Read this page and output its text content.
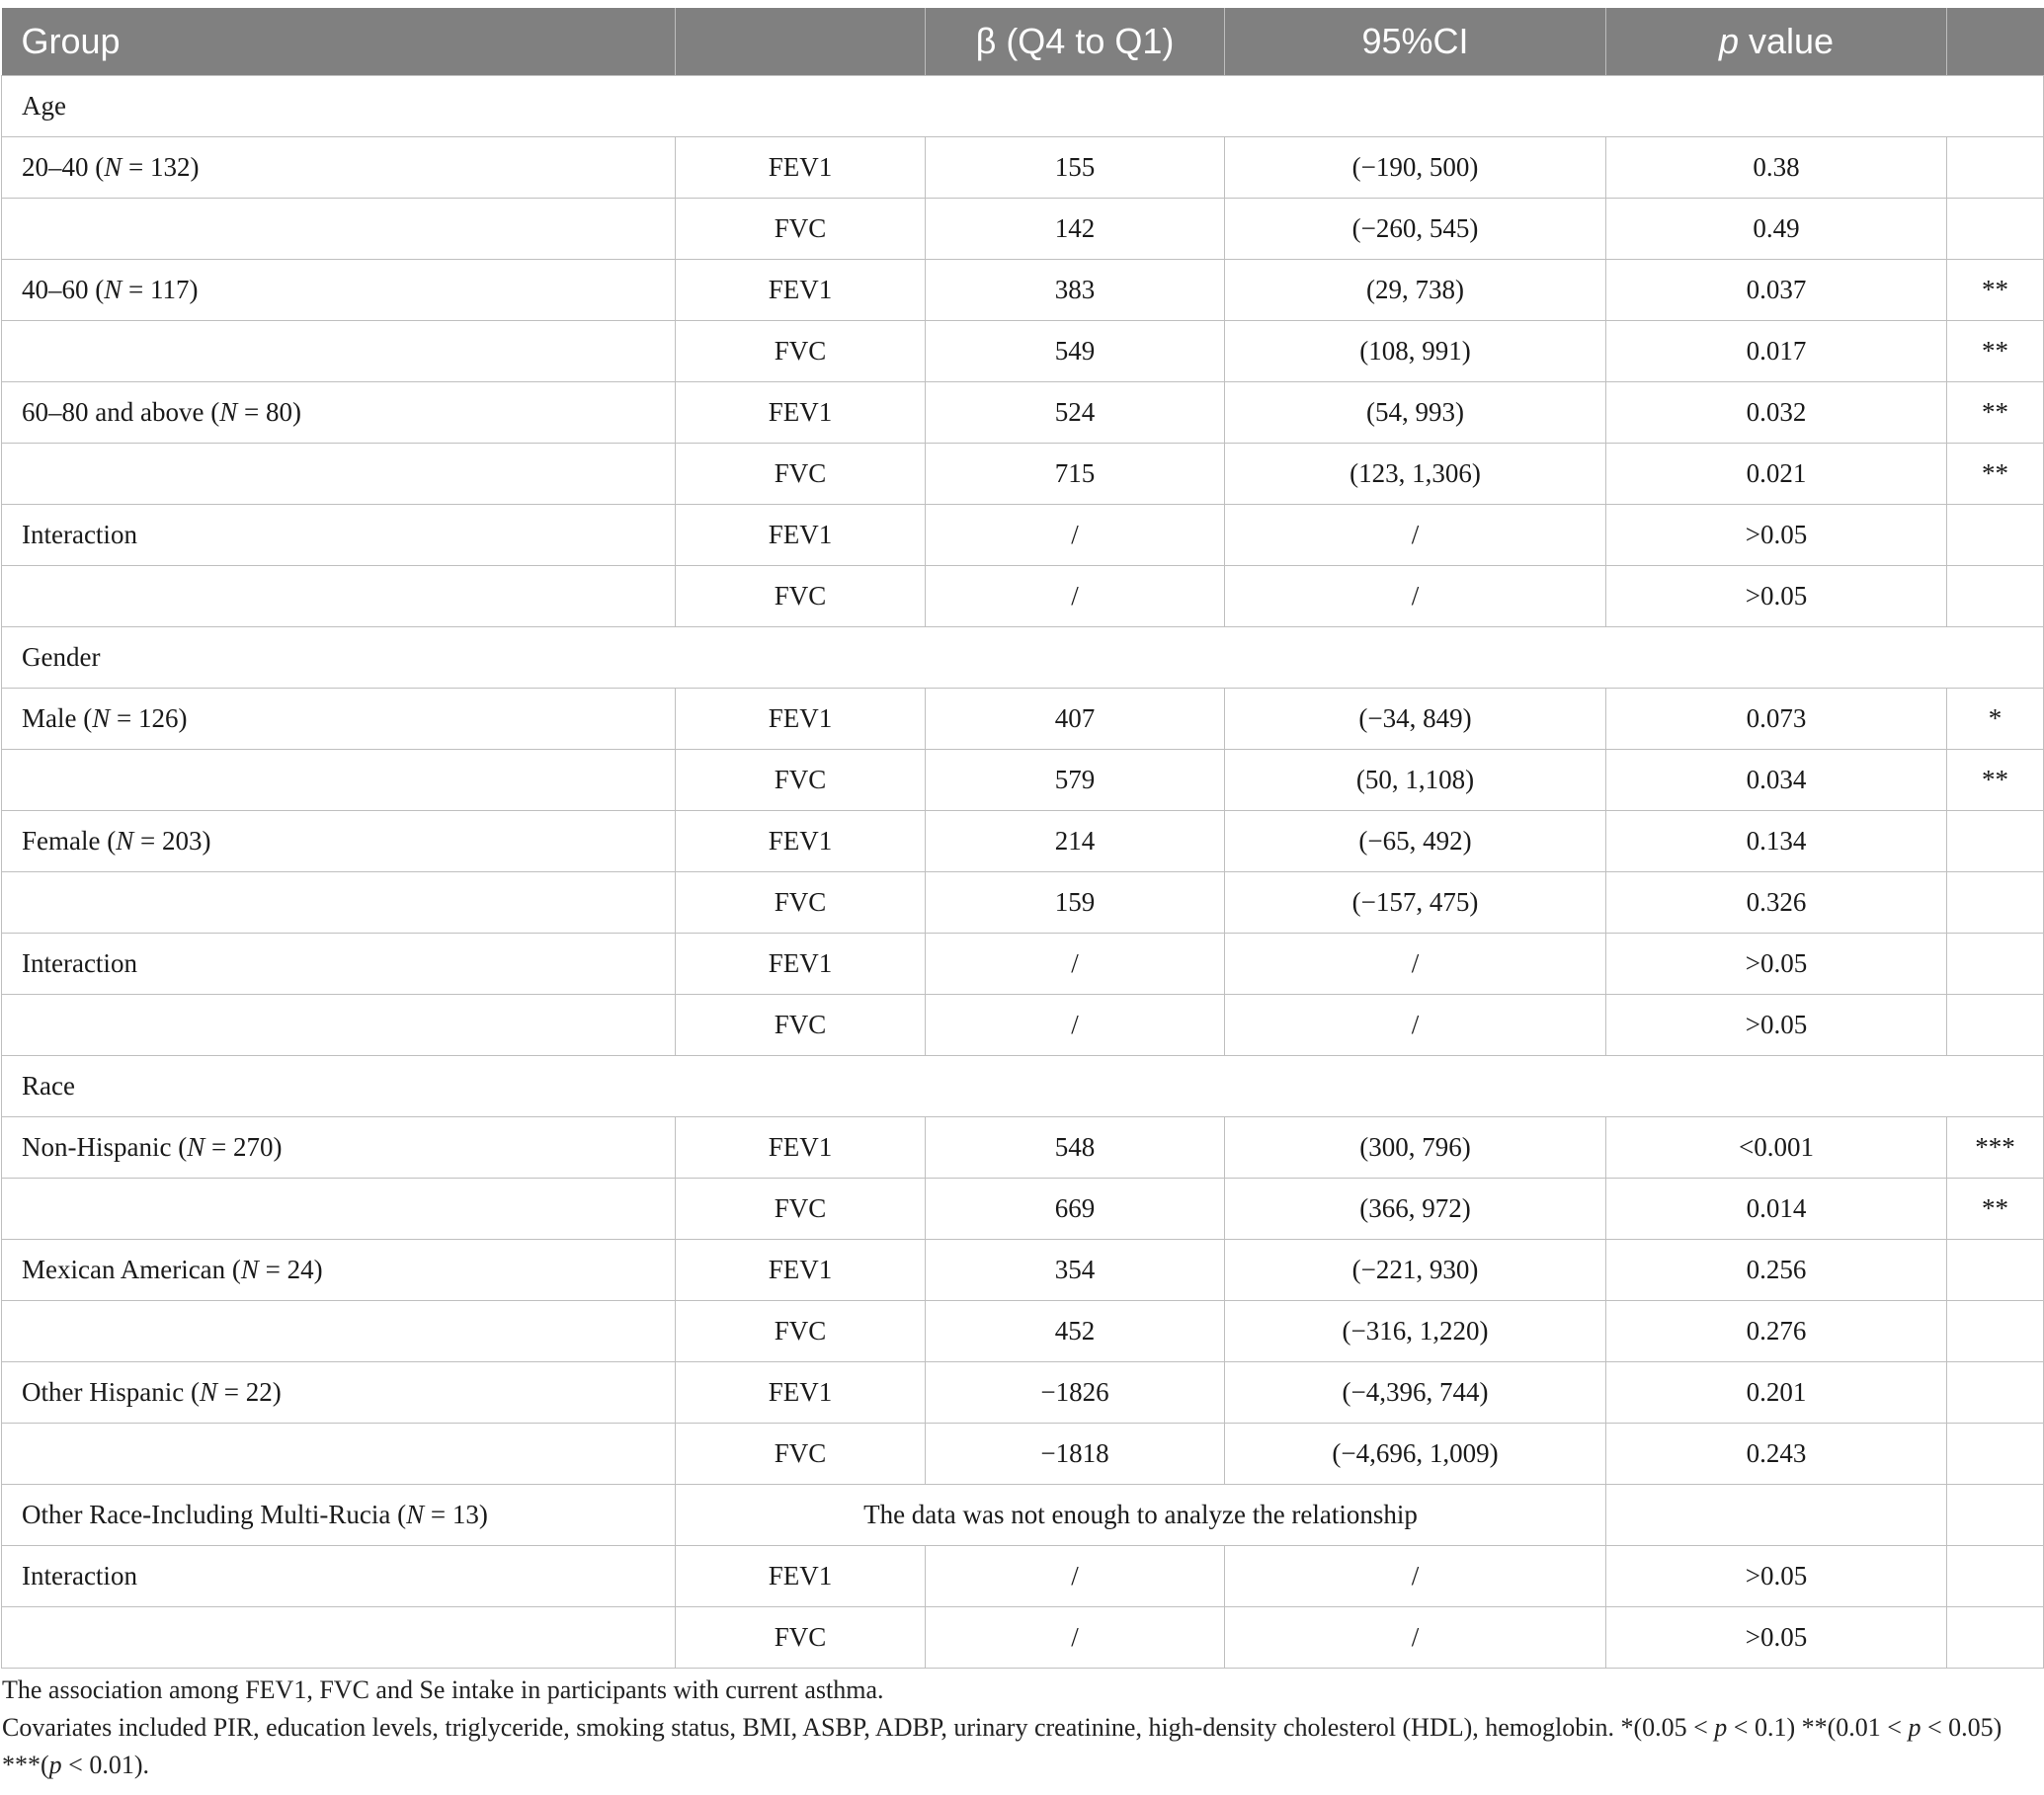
Group		β (Q4 to Q1)	95%CI	p value	
Age					
20–40 (N = 132)	FEV1	155	(−190, 500)	0.38	
	FVC	142	(−260, 545)	0.49	
40–60 (N = 117)	FEV1	383	(29, 738)	0.037	**
	FVC	549	(108, 991)	0.017	**
60–80 and above (N = 80)	FEV1	524	(54, 993)	0.032	**
	FVC	715	(123, 1,306)	0.021	**
Interaction	FEV1	/	/	>0.05	
	FVC	/	/	>0.05	
Gender					
Male (N = 126)	FEV1	407	(−34, 849)	0.073	*
	FVC	579	(50, 1,108)	0.034	**
Female (N = 203)	FEV1	214	(−65, 492)	0.134	
	FVC	159	(−157, 475)	0.326	
Interaction	FEV1	/	/	>0.05	
	FVC	/	/	>0.05	
Race					
Non-Hispanic (N = 270)	FEV1	548	(300, 796)	<0.001	***
	FVC	669	(366, 972)	0.014	**
Mexican American (N = 24)	FEV1	354	(−221, 930)	0.256	
	FVC	452	(−316, 1,220)	0.276	
Other Hispanic (N = 22)	FEV1	−1826	(−4,396, 744)	0.201	
	FVC	−1818	(−4,696, 1,009)	0.243	
Other Race-Including Multi-Rucia (N = 13)	The data was not enough to analyze the relationship				
Interaction	FEV1	/	/	>0.05	
	FVC	/	/	>0.05	

The association among FEV1, FVC and Se intake in participants with current asthma.

Covariates included PIR, education levels, triglyceride, smoking status, BMI, ASBP, ADBP, urinary creatinine, high-density cholesterol (HDL), hemoglobin. *(0.05 < p < 0.1) **(0.01 < p < 0.05)

***(p < 0.01).
